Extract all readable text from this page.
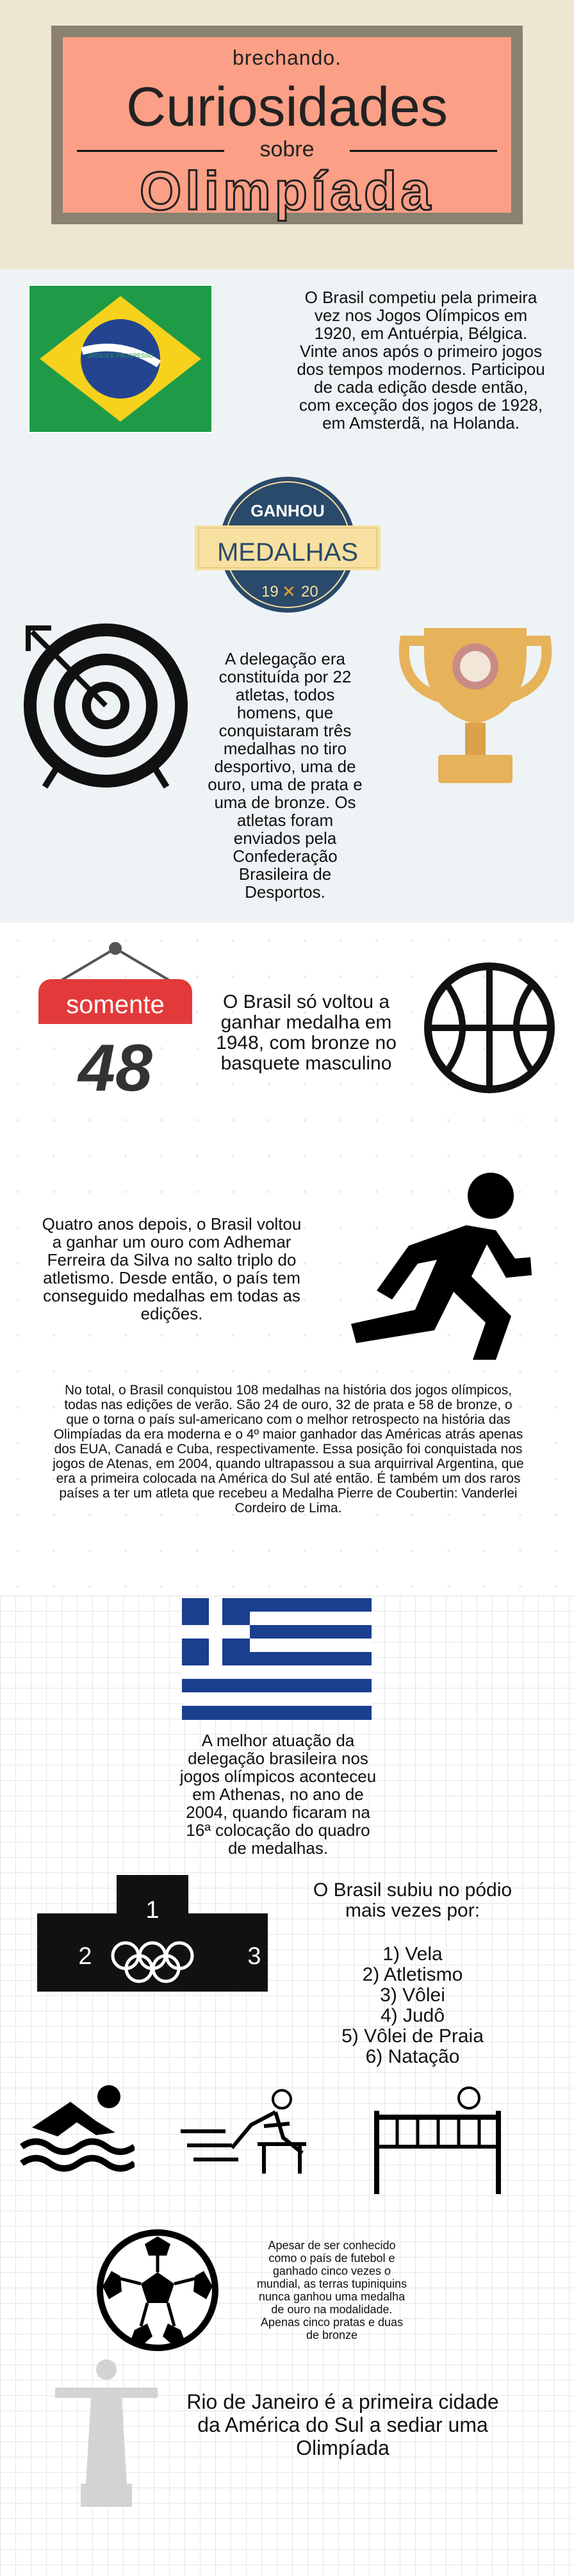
brechando.
Curiosidades
sobre
Olimpíada
ORDEM E PROGRESSO
O Brasil competiu pela primeira vez nos Jogos Olímpicos em 1920, em Antuérpia, Bélgica. Vinte anos após o primeiro jogos dos tempos modernos. Participou de cada edição desde então, com exceção dos jogos de 1928, em Amsterdã, na Holanda.
GANHOU
MEDALHAS
19 ✕ 20
A delegação era constituída por 22 atletas, todos homens, que conquistaram três medalhas no tiro desportivo, uma de ouro, uma de prata e uma de bronze. Os atletas foram enviados pela Confederação Brasileira de Desportos.
somente
48
O Brasil só voltou a ganhar medalha em 1948, com bronze no basquete masculino
Quatro anos depois, o Brasil voltou a ganhar um ouro com Adhemar Ferreira da Silva no salto triplo do atletismo. Desde então, o país tem conseguido medalhas em todas as edições.
No total, o Brasil conquistou 108 medalhas na história dos jogos olímpicos, todas nas edições de verão. São 24 de ouro, 32 de prata e 58 de bronze, o que o torna o país sul-americano com o melhor retrospecto na história das Olimpíadas da era moderna e o 4º maior ganhador das Américas atrás apenas dos EUA, Canadá e Cuba, respectivamente. Essa posição foi conquistada nos jogos de Atenas, em 2004, quando ultrapassou a sua arquirrival Argentina, que era a primeira colocada na América do Sul até então. É também um dos raros países a ter um atleta que recebeu a Medalha Pierre de Coubertin: Vanderlei Cordeiro de Lima.
A melhor atuação da delegação brasileira nos jogos olímpicos aconteceu em Athenas, no ano de 2004, quando ficaram na 16ª colocação do quadro de medalhas.
1
2	3
O Brasil subiu no pódio mais vezes por:
1) Vela
2) Atletismo
3) Vôlei
4) Judô
5) Vôlei de Praia
6) Natação
Apesar de ser conhecido como o país de futebol e ganhado cinco vezes o mundial, as terras tupiniquins nunca ganhou uma medalha de ouro na modalidade. Apenas cinco pratas e duas de bronze
Rio de Janeiro é a primeira cidade da América do Sul a sediar uma Olimpíada
